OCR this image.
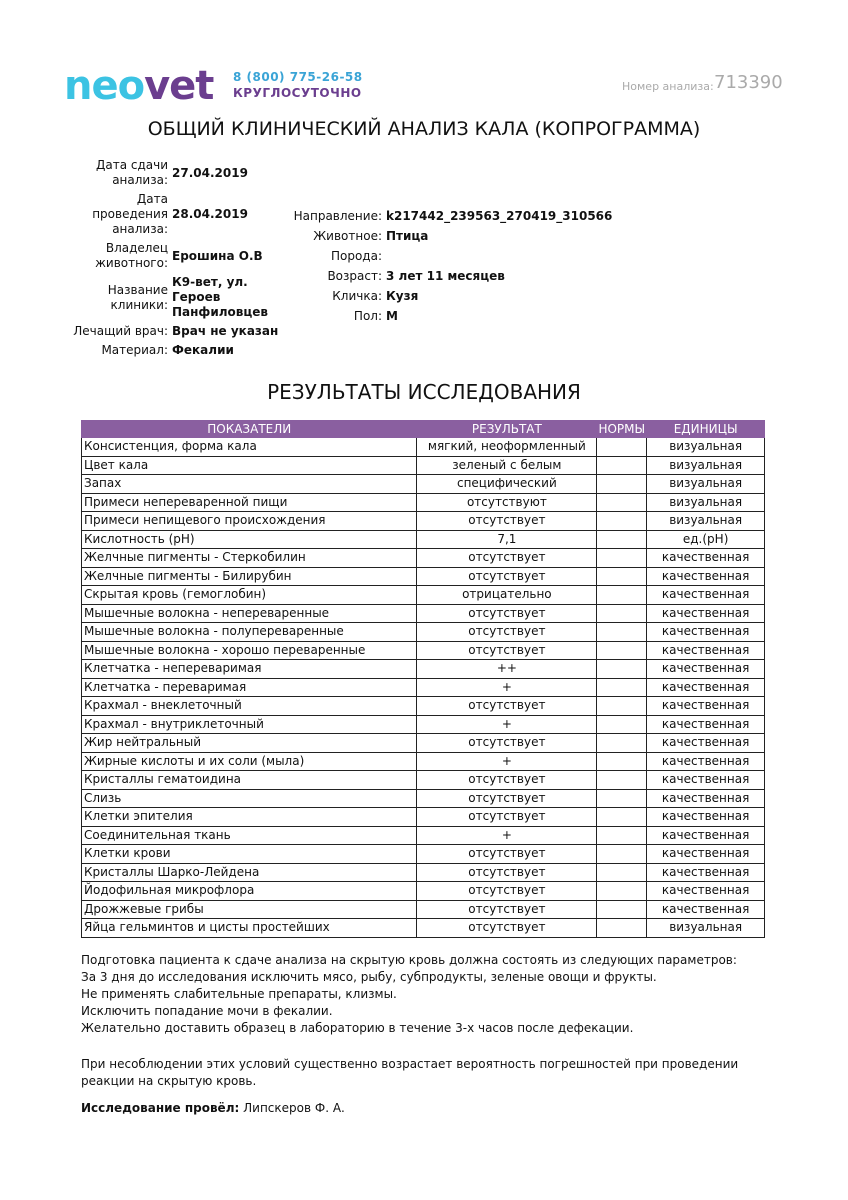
neovet 8 (800) 775-26-58
КРУГЛОСУТОЧНО	Номер анализа: 713390
ОБЩИЙ КЛИНИЧЕСКИЙ АНАЛИЗ КАЛА (КОПРОГРАММА)
Дата сдачи анализа:
27.04.2019
Дата проведения анализа:
28.04.2019
Владелец животного:
Ерошина О.В
Название клиники:
К9-вет, ул. Героев Панфиловцев
Лечащий врач: Врач не указан
Материал: Фекалии
Направление: k217442_239563_270419_310566
Животное: Птица
Порода:
Возраст: 3 лет 11 месяцев
Кличка: Кузя
Пол: М
РЕЗУЛЬТАТЫ ИССЛЕДОВАНИЯ
ПОКАЗАТЕЛИ	РЕЗУЛЬТАТ	НОРМЫ	ЕДИНИЦЫ
Консистенция, форма кала	мягкий, неоформленный		визуальная
Цвет кала	зеленый с белым		визуальная
Запах	специфический		визуальная
Примеси непереваренной пищи	отсутствуют		визуальная
Примеси непищевого происхождения	отсутствует		визуальная
Кислотность (рН)	7,1		ед.(рН)
Желчные пигменты - Стеркобилин	отсутствует		качественная
Желчные пигменты - Билирубин	отсутствует		качественная
Скрытая кровь (гемоглобин)	отрицательно		качественная
Мышечные волокна - непереваренные	отсутствует		качественная
Мышечные волокна - полупереваренные	отсутствует		качественная
Мышечные волокна - хорошо переваренные	отсутствует		качественная
Клетчатка - непереваримая	++		качественная
Клетчатка - переваримая	+		качественная
Крахмал - внеклеточный	отсутствует		качественная
Крахмал - внутриклеточный	+		качественная
Жир нейтральный	отсутствует		качественная
Жирные кислоты и их соли (мыла)	+		качественная
Кристаллы гематоидина	отсутствует		качественная
Слизь	отсутствует		качественная
Клетки эпителия	отсутствует		качественная
Соединительная ткань	+		качественная
Клетки крови	отсутствует		качественная
Кристаллы Шарко-Лейдена	отсутствует		качественная
Йодофильная микрофлора	отсутствует		качественная
Дрожжевые грибы	отсутствует		качественная
Яйца гельминтов и цисты простейших	отсутствует		визуальная

Подготовка пациента к сдаче анализа на скрытую кровь должна состоять из следующих параметров:

За 3 дня до исследования исключить мясо, рыбу, субпродукты, зеленые овощи и фрукты.

Не применять слабительные препараты, клизмы.

Исключить попадание мочи в фекалии.

Желательно доставить образец в лабораторию в течение 3-х часов после дефекации.

При несоблюдении этих условий существенно возрастает вероятность погрешностей при проведении реакции на скрытую кровь.
Исследование провёл: Липскеров Ф. А.
